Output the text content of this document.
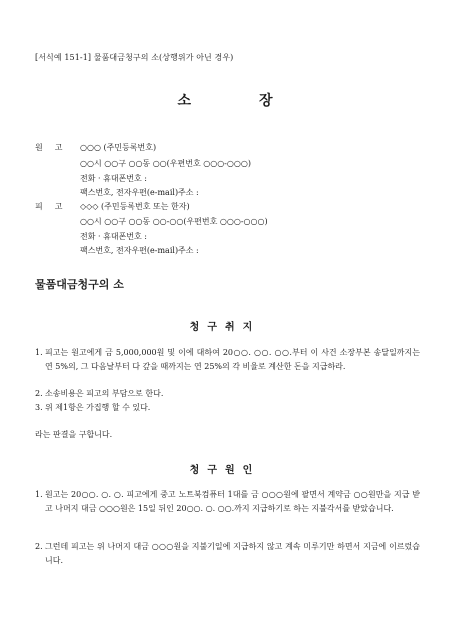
[서식예 151-1] 물품대금청구의 소(상행위가 아닌 경우)
소	장
원 고 ○○○ (주민등록번호)
○○시 ○○구 ○○동 ○○(우편번호 ○○○-○○○)
전화 · 휴대폰번호 :
팩스번호, 전자우편(e-mail)주소 :
피 고 ◇◇◇ (주민등록번호 또는 한자)
○○시 ○○구 ○○동 ○○-○○(우편번호 ○○○-○○○)
전화 · 휴대폰번호 :
팩스번호, 전자우편(e-mail)주소 :
물품대금청구의 소
청구취지
1. 피고는 원고에게 금 5,000,000원 및 이에 대하여 20○○. ○○. ○○.부터 이 사건 소장부본 송달일까지는 연 5%의, 그 다음날부터 다 갚을 때까지는 연 25%의 각 비율로 계산한 돈을 지급하라.
2. 소송비용은 피고의 부담으로 한다.
3. 위 제1항은 가집행 할 수 있다.
라는 판결을 구합니다.
청구원인
1. 원고는 20○○. ○. ○. 피고에게 중고 노트북컴퓨터 1대를 금 ○○○원에 팔면서 계약금 ○○원만을 지급 받고 나머지 대금 ○○○원은 15일 뒤인 20○○. ○. ○○.까지 지급하기로 하는 지불각서를 받았습니다.
2. 그런데 피고는 위 나머지 대금 ○○○원을 지불기일에 지급하지 않고 계속 미루기만 하면서 지금에 이르렀습니다.
